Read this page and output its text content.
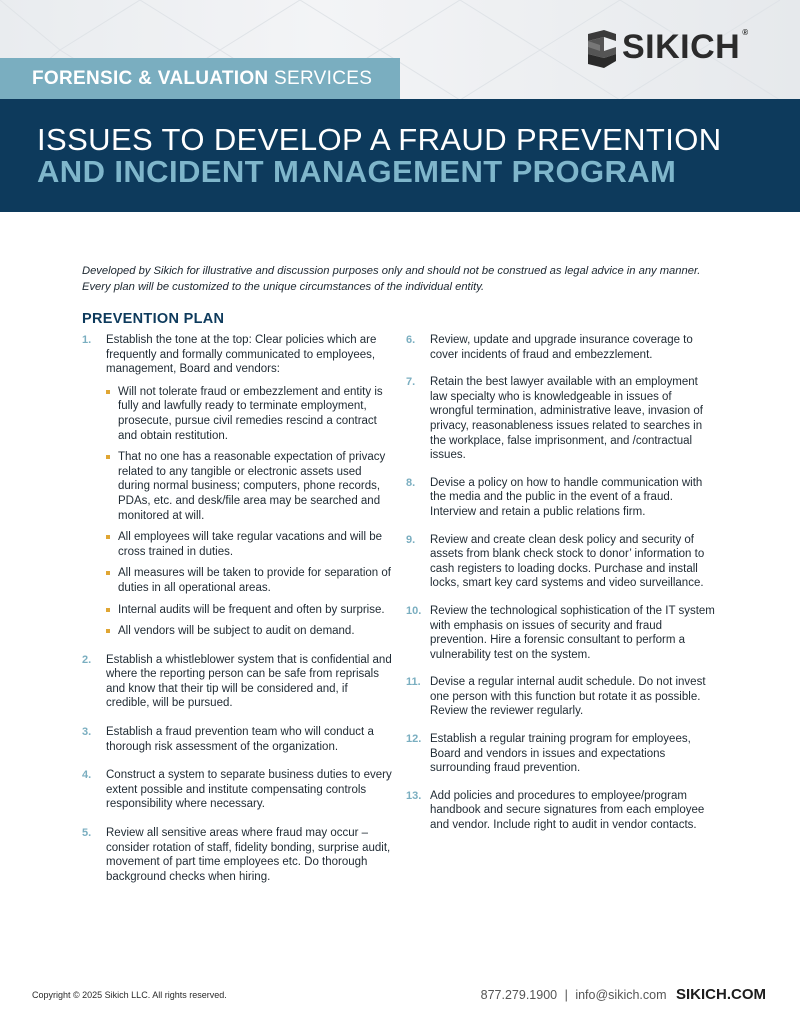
FORENSIC & VALUATION SERVICES
SIKICH ®
ISSUES TO DEVELOP A FRAUD PREVENTION
AND INCIDENT MANAGEMENT PROGRAM
Developed by Sikich for illustrative and discussion purposes only and should not be construed as legal advice in any manner. Every plan will be customized to the unique circumstances of the individual entity.
PREVENTION PLAN
1. Establish the tone at the top: Clear policies which are frequently and formally communicated to employees, management, Board and vendors:
Will not tolerate fraud or embezzlement and entity is fully and lawfully ready to terminate employment, prosecute, pursue civil remedies rescind a contract and obtain restitution.
That no one has a reasonable expectation of privacy related to any tangible or electronic assets used during normal business; computers, phone records, PDAs, etc. and desk/file area may be searched and monitored at will.
All employees will take regular vacations and will be cross trained in duties.
All measures will be taken to provide for separation of duties in all operational areas.
Internal audits will be frequent and often by surprise.
All vendors will be subject to audit on demand.
2. Establish a whistleblower system that is confidential and where the reporting person can be safe from reprisals and know that their tip will be considered and, if credible, will be pursued.
3. Establish a fraud prevention team who will conduct a thorough risk assessment of the organization.
4. Construct a system to separate business duties to every extent possible and institute compensating controls responsibility where necessary.
5. Review all sensitive areas where fraud may occur – consider rotation of staff, fidelity bonding, surprise audit, movement of part time employees etc. Do thorough background checks when hiring.
6. Review, update and upgrade insurance coverage to cover incidents of fraud and embezzlement.
7. Retain the best lawyer available with an employment law specialty who is knowledgeable in issues of wrongful termination, administrative leave, invasion of privacy, reasonableness issues related to searches in the workplace, false imprisonment, and /contractual issues.
8. Devise a policy on how to handle communication with the media and the public in the event of a fraud. Interview and retain a public relations firm.
9. Review and create clean desk policy and security of assets from blank check stock to donor’ information to cash registers to loading docks. Purchase and install locks, smart key card systems and video surveillance.
10. Review the technological sophistication of the IT system with emphasis on issues of security and fraud prevention. Hire a forensic consultant to perform a vulnerability test on the system.
11. Devise a regular internal audit schedule. Do not invest one person with this function but rotate it as possible. Review the reviewer regularly.
12. Establish a regular training program for employees, Board and vendors in issues and expectations surrounding fraud prevention.
13. Add policies and procedures to employee/program handbook and secure signatures from each employee and vendor. Include right to audit in vendor contacts.
Copyright © 2025 Sikich LLC. All rights reserved.	877.279.1900 | info@sikich.com SIKICH.COM
